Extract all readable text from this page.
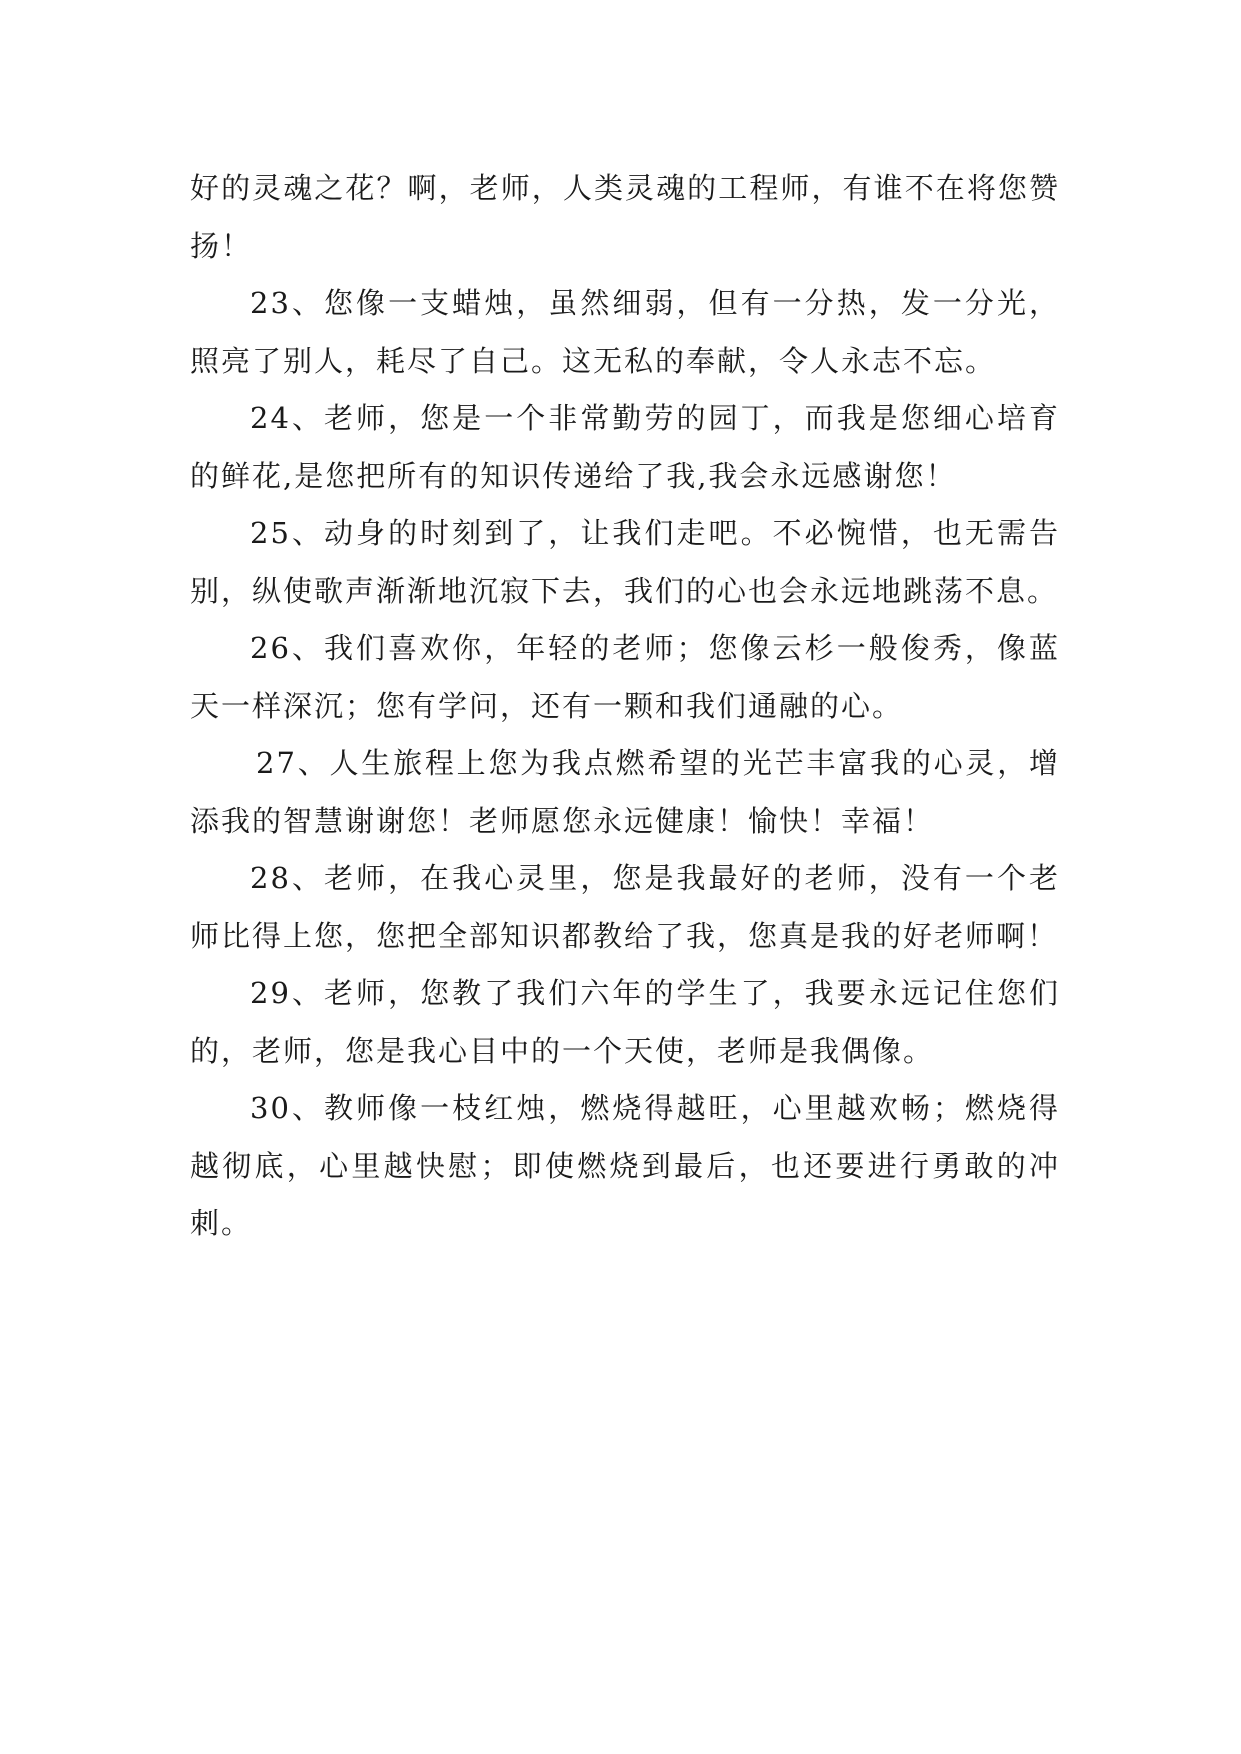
好的灵魂之花？啊，老师，人类灵魂的工程师，有谁不在将您赞扬！

23、您像一支蜡烛，虽然细弱，但有一分热，发一分光，照亮了别人，耗尽了自己。这无私的奉献，令人永志不忘。

24、老师，您是一个非常勤劳的园丁，而我是您细心培育的鲜花,是您把所有的知识传递给了我,我会永远感谢您！

25、动身的时刻到了，让我们走吧。不必惋惜，也无需告别，纵使歌声渐渐地沉寂下去，我们的心也会永远地跳荡不息。

26、我们喜欢你，年轻的老师；您像云杉一般俊秀，像蓝天一样深沉；您有学问，还有一颗和我们通融的心。

27、人生旅程上您为我点燃希望的光芒丰富我的心灵，增添我的智慧谢谢您！老师愿您永远健康！愉快！幸福！

28、老师，在我心灵里，您是我最好的老师，没有一个老师比得上您，您把全部知识都教给了我，您真是我的好老师啊！

29、老师，您教了我们六年的学生了，我要永远记住您们的，老师，您是我心目中的一个天使，老师是我偶像。

30、教师像一枝红烛，燃烧得越旺，心里越欢畅；燃烧得越彻底，心里越快慰；即使燃烧到最后，也还要进行勇敢的冲刺。
